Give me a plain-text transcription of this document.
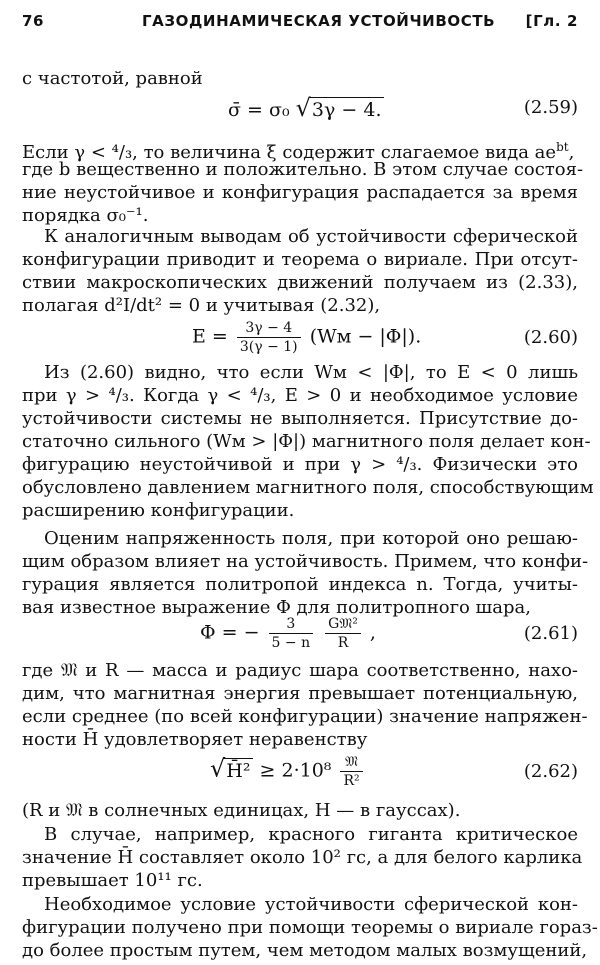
76	ГАЗОДИНАМИЧЕСКАЯ УСТОЙЧИВОСТЬ [Гл. 2
с частотой, равной
σ̄ = σ₀ √3γ − 4.	(2.59)
Если γ < ⁴/₃, то величина ξ содержит слагаемое вида $ae^{bt}$,
где b вещественно и положительно. В этом случае состоя-
ние неустойчивое и конфигурация распадается за время
порядка σ₀⁻¹.
К аналогичным выводам об устойчивости сферической
конфигурации приводит и теорема о вириале. При отсут-
ствии макроскопических движений получаем из (2.33),
полагая d²I/dt² = 0 и учитывая (2.32),
$E = \frac{3\gamma - 4}{3(\gamma - 1)} (Wм - |\Phi|)$.	(2.60)
Из (2.60) видно, что если Wм < |Φ|, то E < 0 лишь
при γ > ⁴/₃. Когда γ < ⁴/₃, E > 0 и необходимое условие
устойчивости системы не выполняется. Присутствие до-
статочно сильного (Wм > |Φ|) магнитного поля делает кон-
фигурацию неустойчивой и при γ > ⁴/₃. Физически это
обусловлено давлением магнитного поля, способствующим
расширению конфигурации.
Оценим напряженность поля, при которой оно решаю-
щим образом влияет на устойчивость. Примем, что конфи-
гурация является политропой индекса n. Тогда, учиты-
вая известное выражение Φ для политропного шара,
Φ = − $\frac{3}{5 - n}$
$\frac{\text{G𝔐²}}{R}$ ,	(2.61)
где 𝔐 и R — масса и радиус шара соответственно, нахо-
дим, что магнитная энергия превышает потенциальную,
если среднее (по всей конфигурации) значение напряжен-
ности H̄ удовлетворяет неравенству
√H̄² ≥ $2\cdot 10^8 \frac{\text{𝔐}}{\text{R²}}$	(2.62)
(R и 𝔐 в солнечных единицах, H — в гауссах).
В случае, например, красного гиганта критическое
значение H̄ составляет около 10² гс, а для белого карлика
превышает 10¹¹ гс.
Необходимое условие устойчивости сферической кон-
фигурации получено при помощи теоремы о вириале гораз-
до более простым путем, чем методом малых возмущений,
